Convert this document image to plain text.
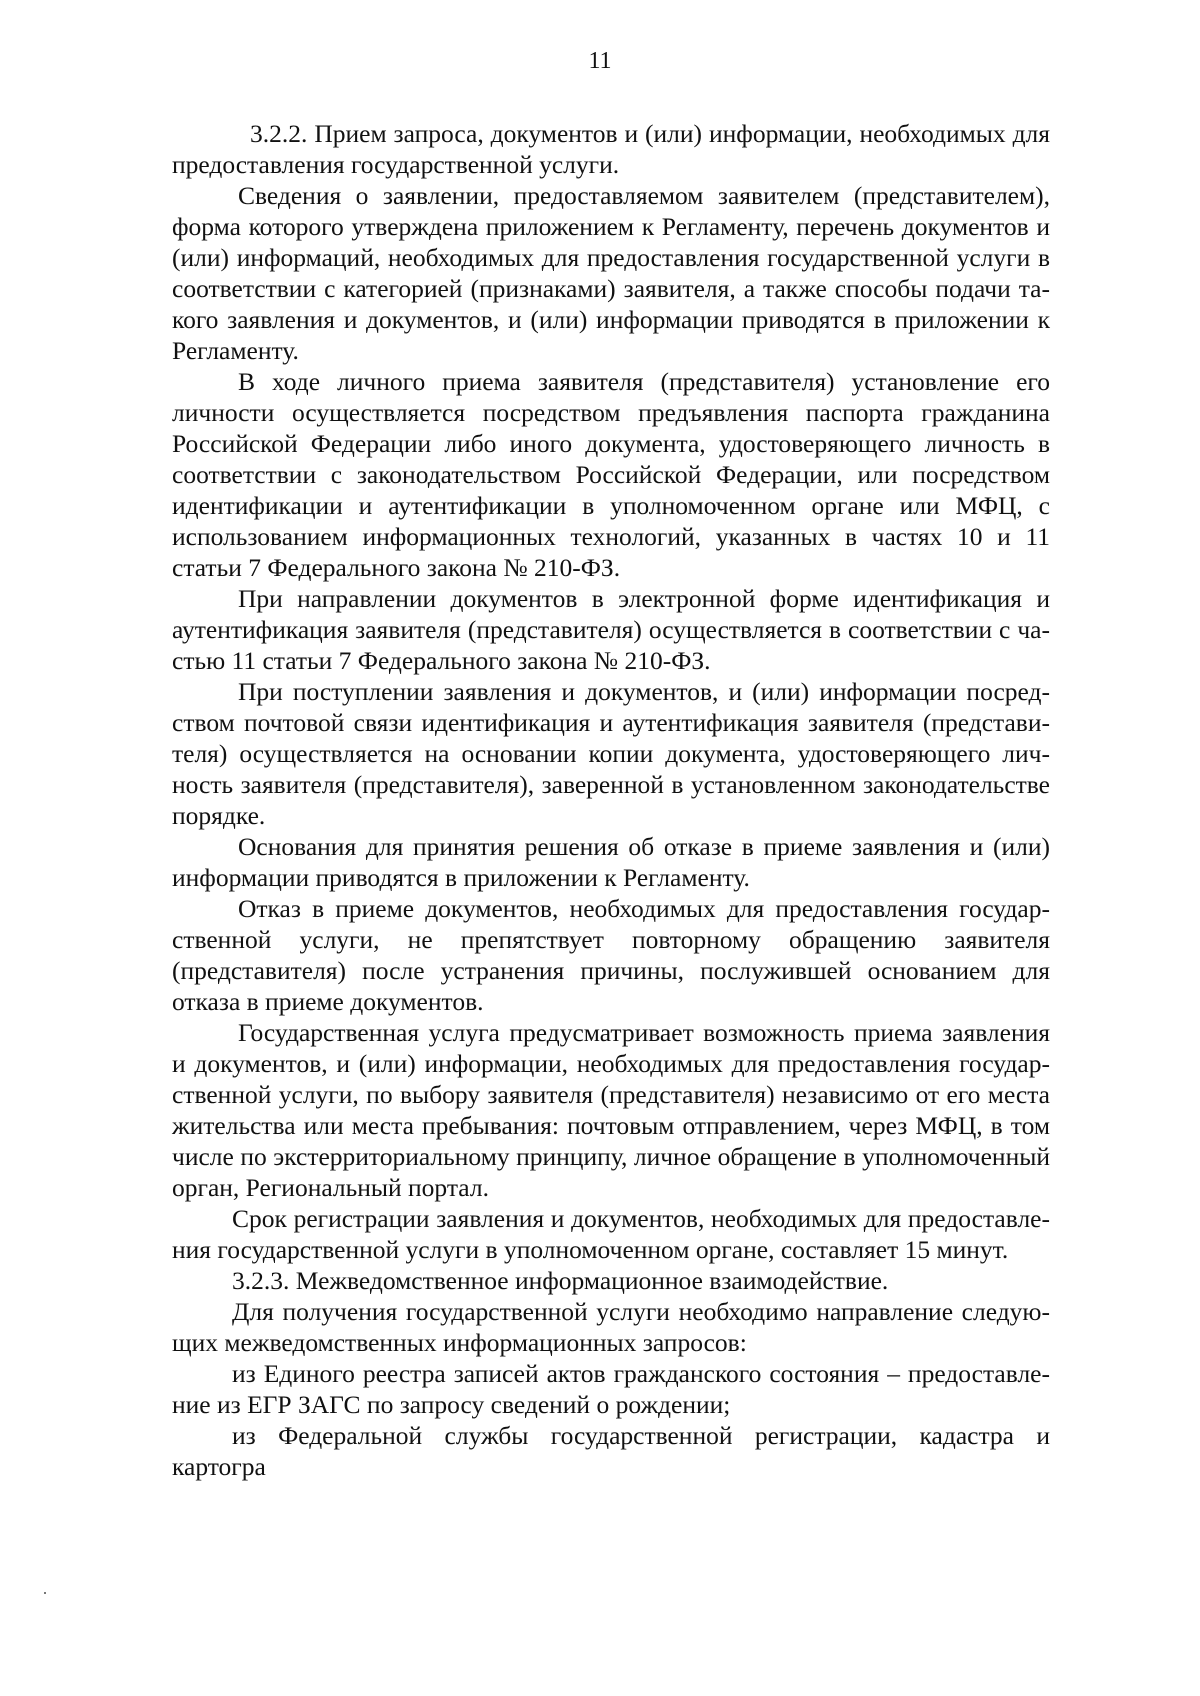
11

3.2.2. Прием запроса, документов и (или) информации, необходимых для предоставления государственной услуги.

Сведения о заявлении, предоставляемом заявителем (представителем), форма которого утверждена приложением к Регламенту, перечень документов и (или) информаций, необходимых для предоставления государственной услуги в соответствии с категорией (признаками) заявителя, а также способы подачи такого заявления и документов, и (или) информации приводятся в приложении к Регламенту.

В ходе личного приема заявителя (представителя) установление его личности осуществляется посредством предъявления паспорта гражданина Российской Федерации либо иного документа, удостоверяющего личность в соответствии с законодательством Российской Федерации, или посредством идентификации и аутентификации в уполномоченном органе или МФЦ, с использованием информационных технологий, указанных в частях 10 и 11 статьи 7 Федерального закона № 210-ФЗ.

При направлении документов в электронной форме идентификация и аутентификация заявителя (представителя) осуществляется в соответствии с частью 11 статьи 7 Федерального закона № 210-ФЗ.

При поступлении заявления и документов, и (или) информации посредством почтовой связи идентификация и аутентификация заявителя (представителя) осуществляется на основании копии документа, удостоверяющего личность заявителя (представителя), заверенной в установленном законодательстве порядке.

Основания для принятия решения об отказе в приеме заявления и (или) информации приводятся в приложении к Регламенту.

Отказ в приеме документов, необходимых для предоставления государственной услуги, не препятствует повторному обращению заявителя (представителя) после устранения причины, послужившей основанием для отказа в приеме документов.

Государственная услуга предусматривает возможность приема заявления и документов, и (или) информации, необходимых для предоставления государственной услуги, по выбору заявителя (представителя) независимо от его места жительства или места пребывания: почтовым отправлением, через МФЦ, в том числе по экстерриториальному принципу, личное обращение в уполномоченный орган, Региональный портал.

Срок регистрации заявления и документов, необходимых для предоставления государственной услуги в уполномоченном органе, составляет 15 минут.

3.2.3. Межведомственное информационное взаимодействие.

Для получения государственной услуги необходимо направление следующих межведомственных информационных запросов:

из Единого реестра записей актов гражданского состояния – предоставление из ЕГР ЗАГС по запросу сведений о рождении;

из Федеральной службы государственной регистрации, кадастра и картогра
